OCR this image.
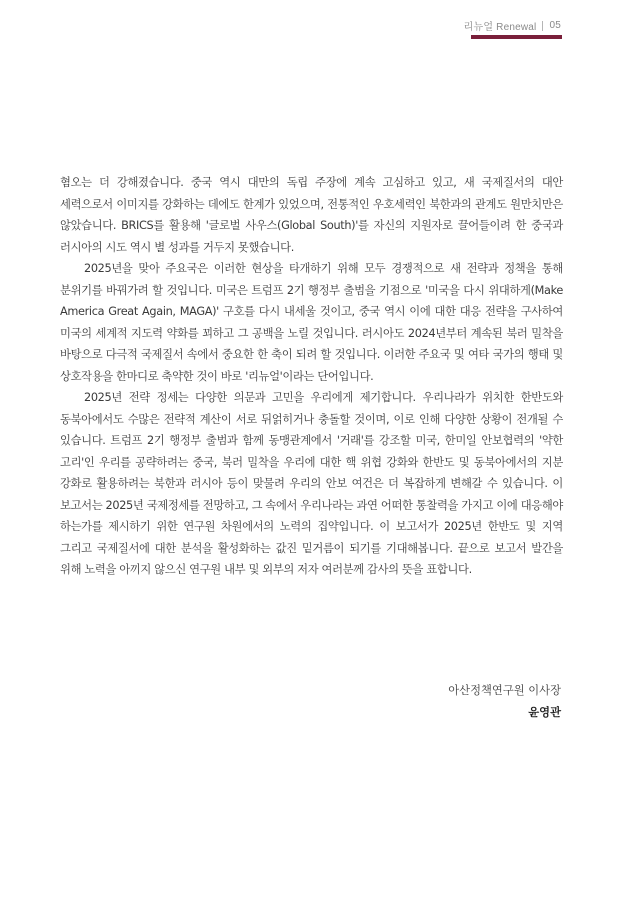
리뉴얼 Renewal 05

혐오는 더 강해졌습니다. 중국 역시 대만의 독립 주장에 계속 고심하고 있고, 새 국제질서의 대안 세력으로서 이미지를 강화하는 데에도 한계가 있었으며, 전통적인 우호세력인 북한과의 관계도 원만치만은 않았습니다. BRICS를 활용해 '글로벌 사우스(Global South)'를 자신의 지원자로 끌어들이려 한 중국과 러시아의 시도 역시 별 성과를 거두지 못했습니다.

2025년을 맞아 주요국은 이러한 현상을 타개하기 위해 모두 경쟁적으로 새 전략과 정책을 통해 분위기를 바꿔가려 할 것입니다. 미국은 트럼프 2기 행정부 출범을 기점으로 '미국을 다시 위대하게(Make America Great Again, MAGA)' 구호를 다시 내세울 것이고, 중국 역시 이에 대한 대응 전략을 구사하여 미국의 세계적 지도력 약화를 꾀하고 그 공백을 노릴 것입니다. 러시아도 2024년부터 계속된 북러 밀착을 바탕으로 다극적 국제질서 속에서 중요한 한 축이 되려 할 것입니다. 이러한 주요국 및 여타 국가의 행태 및 상호작용을 한마디로 축약한 것이 바로 '리뉴얼'이라는 단어입니다.

2025년 전략 정세는 다양한 의문과 고민을 우리에게 제기합니다. 우리나라가 위치한 한반도와 동북아에서도 수많은 전략적 계산이 서로 뒤얽히거나 충돌할 것이며, 이로 인해 다양한 상황이 전개될 수 있습니다. 트럼프 2기 행정부 출범과 함께 동맹관계에서 '거래'를 강조할 미국, 한미일 안보협력의 '약한 고리'인 우리를 공략하려는 중국, 북러 밀착을 우리에 대한 핵 위협 강화와 한반도 및 동북아에서의 지분 강화로 활용하려는 북한과 러시아 등이 맞물려 우리의 안보 여건은 더 복잡하게 변해갈 수 있습니다. 이 보고서는 2025년 국제정세를 전망하고, 그 속에서 우리나라는 과연 어떠한 통찰력을 가지고 이에 대응해야 하는가를 제시하기 위한 연구원 차원에서의 노력의 집약입니다. 이 보고서가 2025년 한반도 및 지역 그리고 국제질서에 대한 분석을 활성화하는 값진 밑거름이 되기를 기대해봅니다. 끝으로 보고서 발간을 위해 노력을 아끼지 않으신 연구원 내부 및 외부의 저자 여러분께 감사의 뜻을 표합니다.

아산정책연구원 이사장
윤영관
